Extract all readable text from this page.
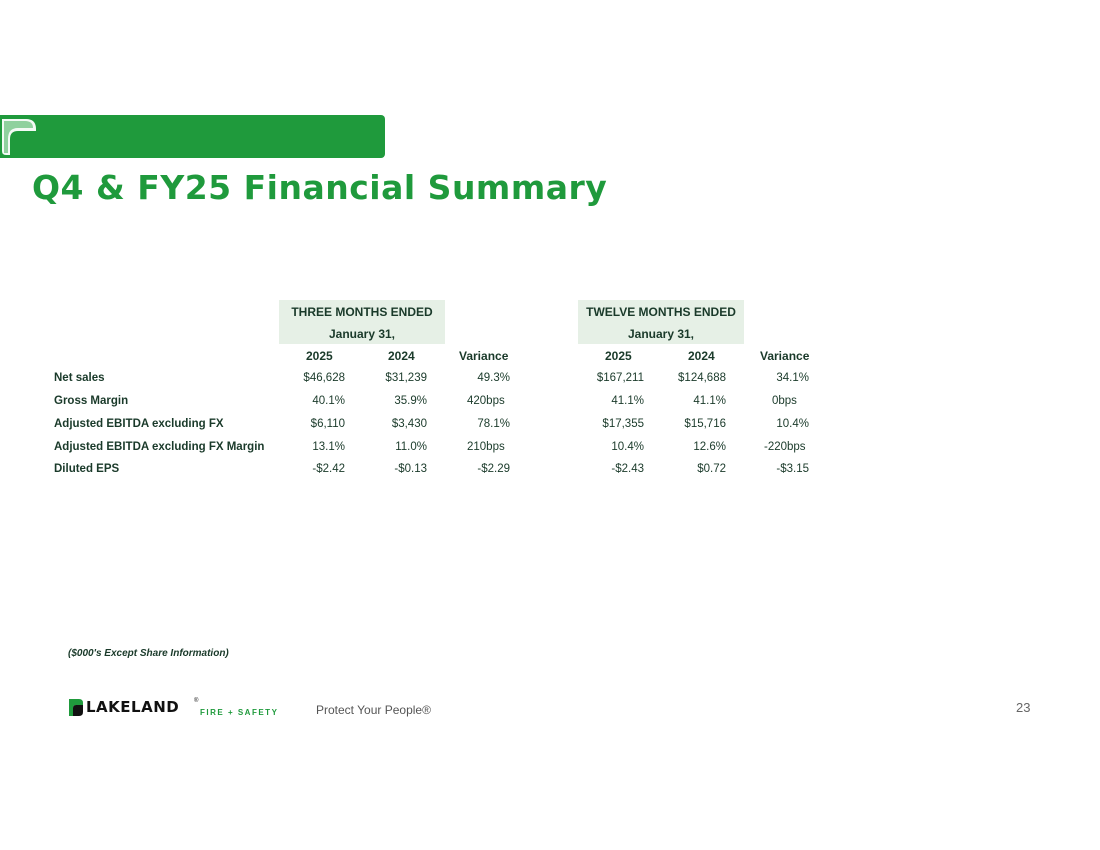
Q4 & FY25 Financial Summary
THREE MONTHS ENDED
January 31,
TWELVE MONTHS ENDED
January 31,
2025	2024	Variance	2025	2024	Variance
Net sales	$46,628	$31,239	49.3%	$167,211	$124,688	34.1%
Gross Margin	40.1%	35.9%	420bps	41.1%	41.1%	0bps
Adjusted EBITDA excluding FX	$6,110	$3,430	78.1%	$17,355	$15,716	10.4%
Adjusted EBITDA excluding FX Margin	13.1%	11.0%	210bps	10.4%	12.6%	-220bps
Diluted EPS	-$2.42	-$0.13	-$2.29	-$2.43	$0.72	-$3.15
($000's Except Share Information)
LAKELAND ®
FIRE + SAFETY	Protect Your People®	23
